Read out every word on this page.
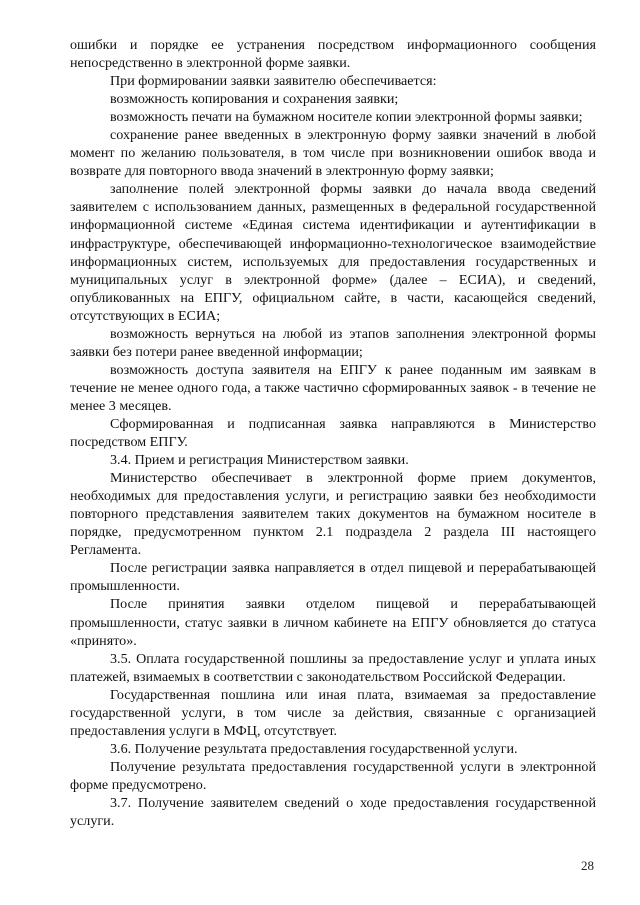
ошибки и порядке ее устранения посредством информационного сообщения непосредственно в электронной форме заявки.

При формировании заявки заявителю обеспечивается:

возможность копирования и сохранения заявки;

возможность печати на бумажном носителе копии электронной формы заявки;

сохранение ранее введенных в электронную форму заявки значений в любой момент по желанию пользователя, в том числе при возникновении ошибок ввода и возврате для повторного ввода значений в электронную форму заявки;

заполнение полей электронной формы заявки до начала ввода сведений заявителем с использованием данных, размещенных в федеральной государственной информационной системе «Единая система идентификации и аутентификации в инфраструктуре, обеспечивающей информационно-технологическое взаимодействие информационных систем, используемых для предоставления государственных и муниципальных услуг в электронной форме» (далее – ЕСИА), и сведений, опубликованных на ЕПГУ, официальном сайте, в части, касающейся сведений, отсутствующих в ЕСИА;

возможность вернуться на любой из этапов заполнения электронной формы заявки без потери ранее введенной информации;

возможность доступа заявителя на ЕПГУ к ранее поданным им заявкам в течение не менее одного года, а также частично сформированных заявок - в течение не менее 3 месяцев.

Сформированная и подписанная заявка направляются в Министерство посредством ЕПГУ.

3.4. Прием и регистрация Министерством заявки.

Министерство обеспечивает в электронной форме прием документов, необходимых для предоставления услуги, и регистрацию заявки без необходимости повторного представления заявителем таких документов на бумажном носителе в порядке, предусмотренном пунктом 2.1 подраздела 2 раздела III настоящего Регламента.

После регистрации заявка направляется в отдел пищевой и перерабатывающей промышленности.

После принятия заявки отделом пищевой и перерабатывающей промышленности, статус заявки в личном кабинете на ЕПГУ обновляется до статуса «принято».

3.5. Оплата государственной пошлины за предоставление услуг и уплата иных платежей, взимаемых в соответствии с законодательством Российской Федерации.

Государственная пошлина или иная плата, взимаемая за предоставление государственной услуги, в том числе за действия, связанные с организацией предоставления услуги в МФЦ, отсутствует.

3.6. Получение результата предоставления государственной услуги.

Получение результата предоставления государственной услуги в электронной форме предусмотрено.

3.7. Получение заявителем сведений о ходе предоставления государственной услуги.

28
